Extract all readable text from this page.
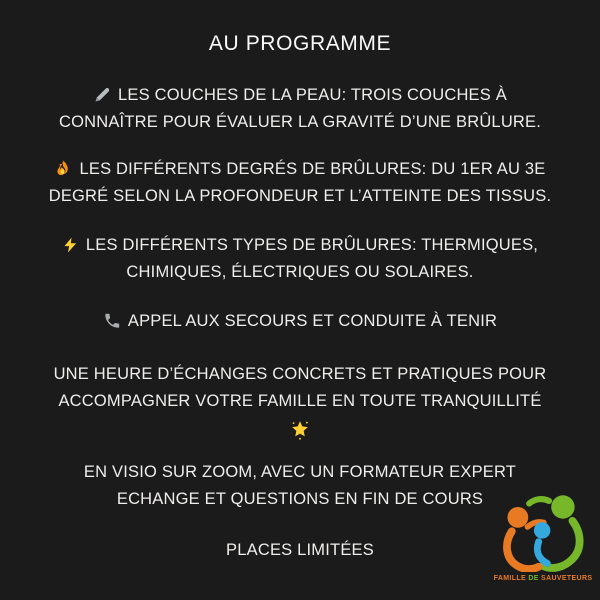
AU PROGRAMME

LES COUCHES DE LA PEAU: TROIS COUCHES À
CONNAÎTRE POUR ÉVALUER LA GRAVITÉ D’UNE BRÛLURE.

LES DIFFÉRENTS DEGRÉS DE BRÛLURES: DU 1ER AU 3E
DEGRÉ SELON LA PROFONDEUR ET L’ATTEINTE DES TISSUS.

LES DIFFÉRENTS TYPES DE BRÛLURES: THERMIQUES,
CHIMIQUES, ÉLECTRIQUES OU SOLAIRES.

APPEL AUX SECOURS ET CONDUITE À TENIR

UNE HEURE D’ÉCHANGES CONCRETS ET PRATIQUES POUR
ACCOMPAGNER VOTRE FAMILLE EN TOUTE TRANQUILLITÉ

EN VISIO SUR ZOOM, AVEC UN FORMATEUR EXPERT
ECHANGE ET QUESTIONS EN FIN DE COURS

PLACES LIMITÉES

FAMILLE DE SAUVETEURS
